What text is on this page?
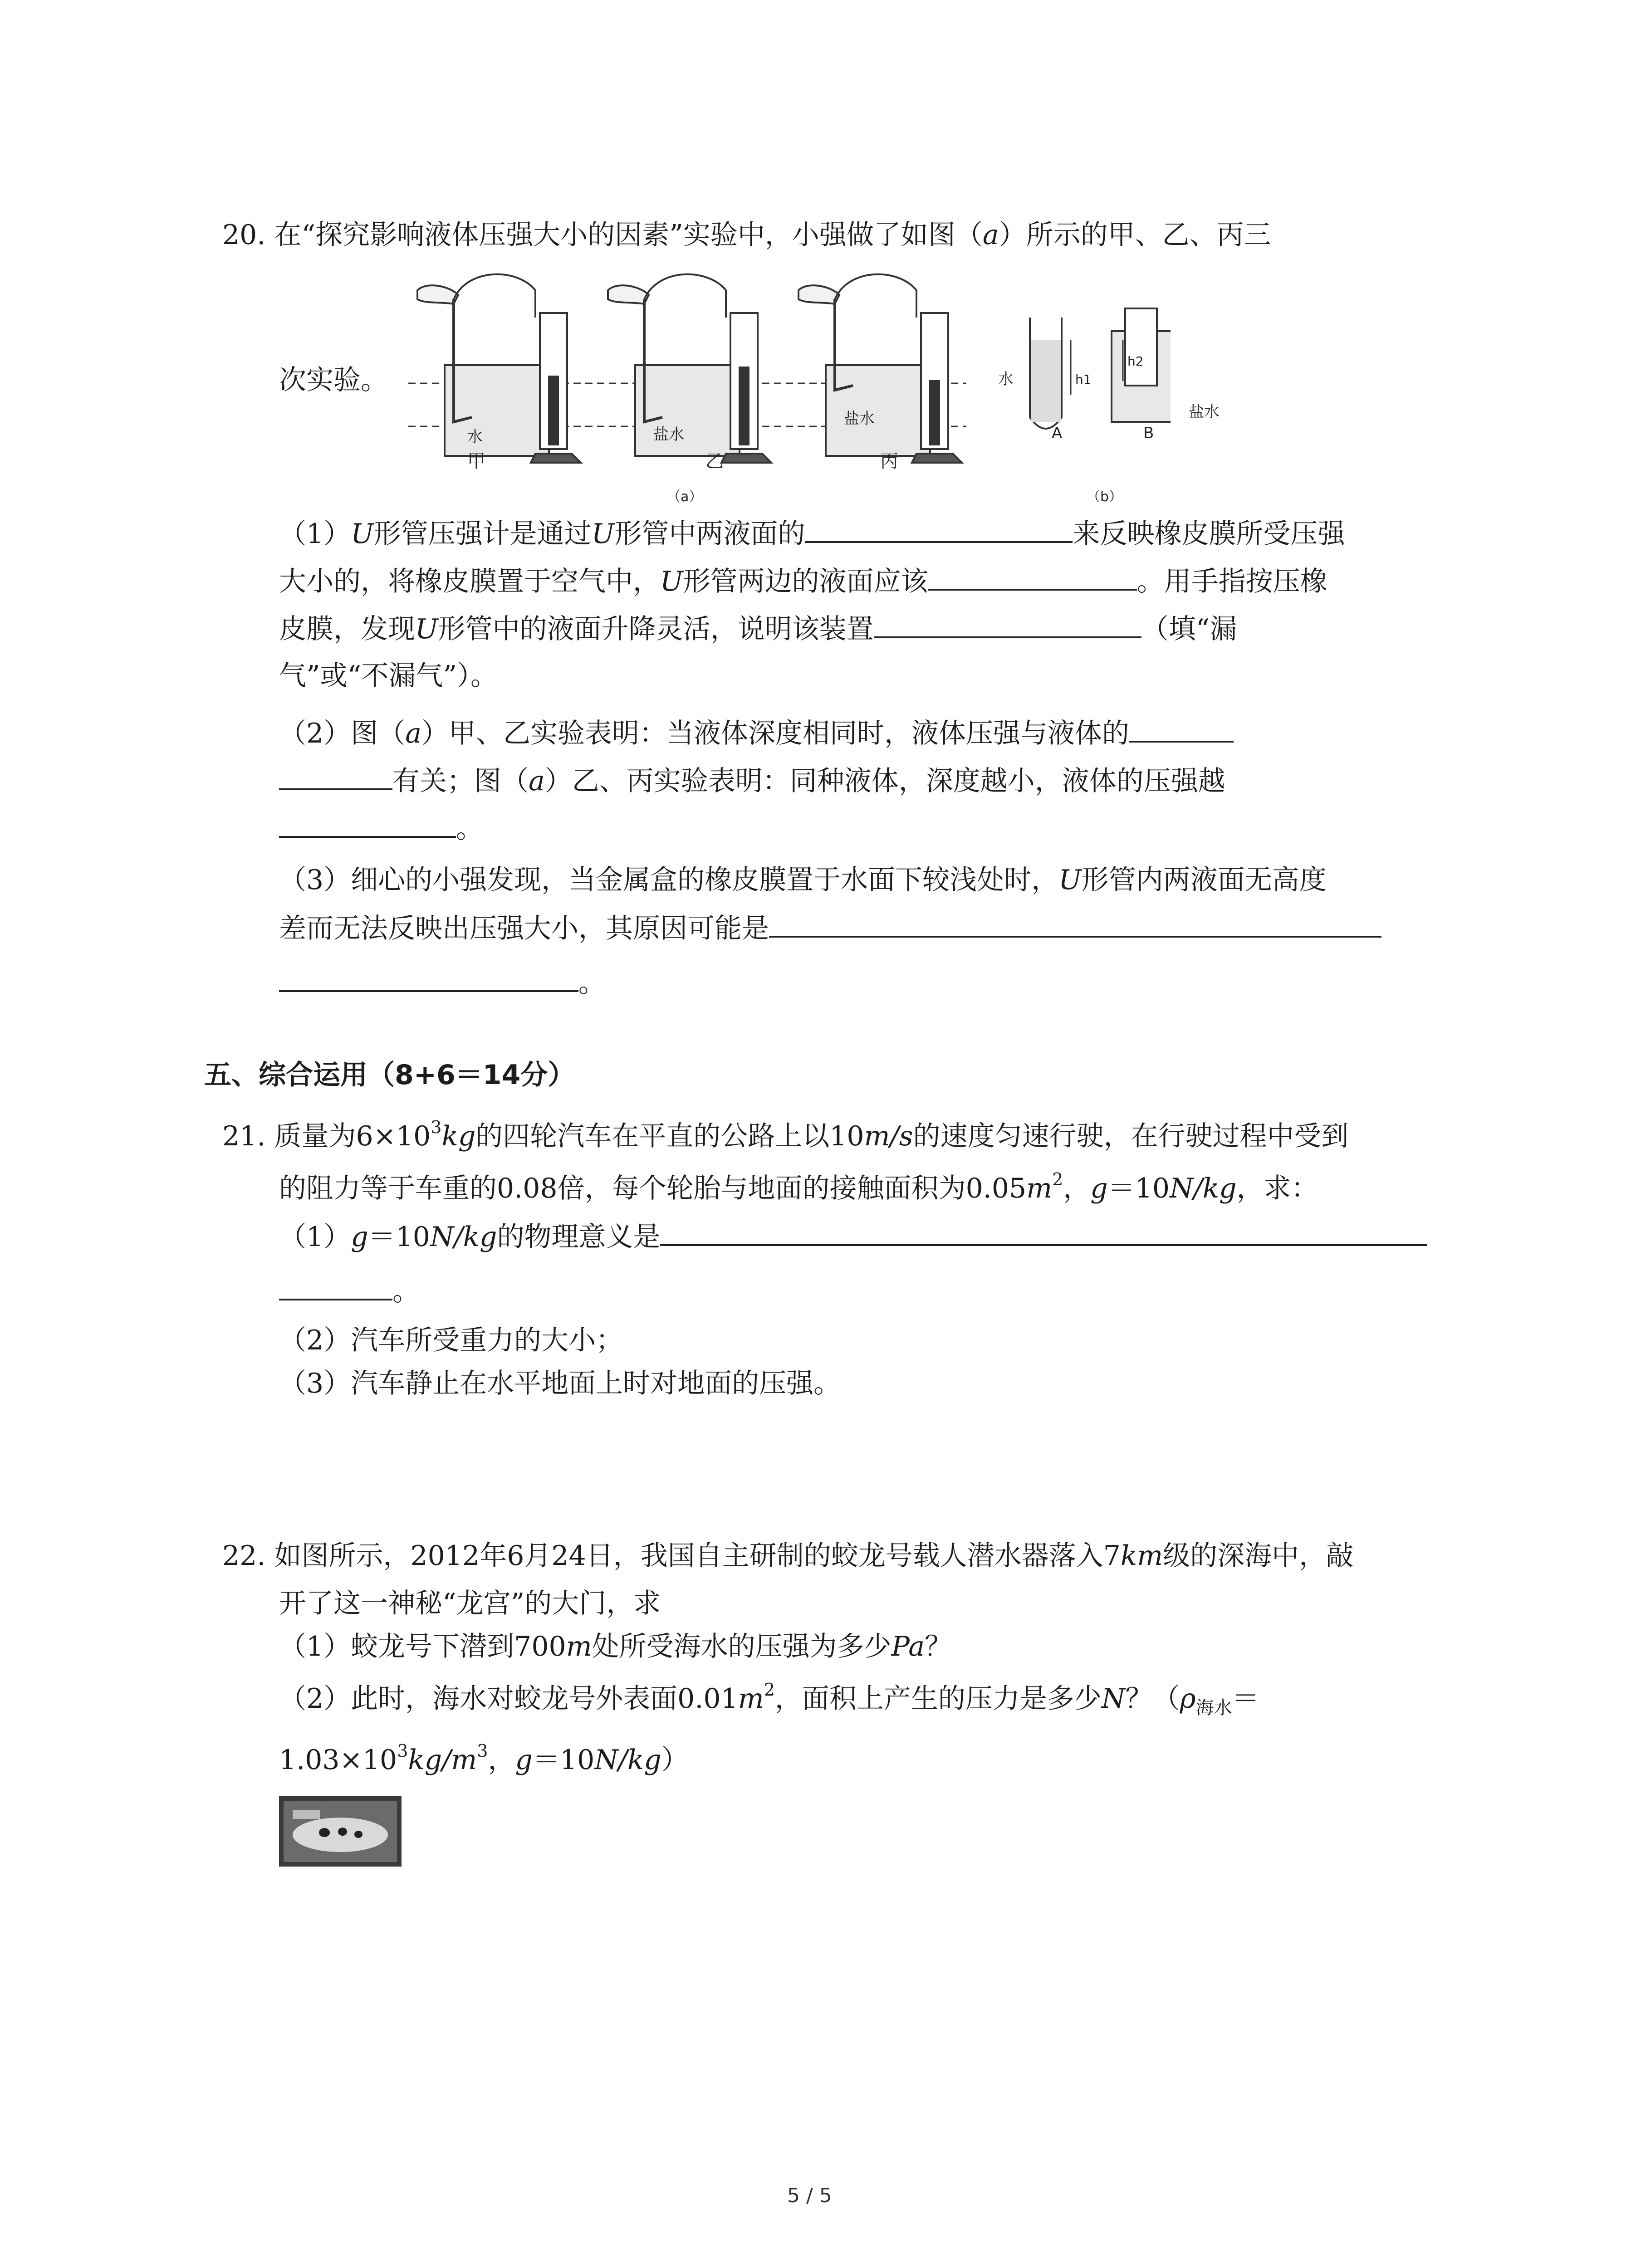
20. 在“探究影响液体压强大小的因素”实验中，小强做了如图（a）所示的甲、乙、丙三
次实验。
水	盐水
盐水
甲	乙	丙
（a）	（b）
水	h1
h2
A	B
盐水
（1）U形管压强计是通过U形管中两液面的	来反映橡皮膜所受压强
大小的，将橡皮膜置于空气中，U形管两边的液面应该	。用手指按压橡
皮膜，发现U形管中的液面升降灵活，说明该装置	（填“漏
气”或“不漏气”）。
（2）图（a）甲、乙实验表明：当液体深度相同时，液体压强与液体的
有关；图（a）乙、丙实验表明：同种液体，深度越小，液体的压强越
。
（3）细心的小强发现，当金属盒的橡皮膜置于水面下较浅处时，U形管内两液面无高度
差而无法反映出压强大小，其原因可能是
。
五、综合运用（8+6＝14分）
21. 质量为$6\times 10^3kg$的四轮汽车在平直的公路上以10m/s的速度匀速行驶，在行驶过程中受到
的阻力等于车重的0.08倍，每个轮胎与地面的接触面积为$0.05m^2$，g＝10N/kg，求：
（1）g＝10N/kg的物理意义是
。
（2）汽车所受重力的大小；
（3）汽车静止在水平地面上时对地面的压强。
22. 如图所示，2012年6月24日，我国自主研制的蛟龙号载人潜水器落入7km级的深海中，敲
开了这一神秘“龙宫”的大门，求
（1）蛟龙号下潜到700m处所受海水的压强为多少Pa？
（2）此时，海水对蛟龙号外表面$0.01m^2$，面积上产生的压力是多少N？（$\rho_{海水}=$
$1.03\times 10^3kg/m^3$，g＝10N/kg）
5 / 5
